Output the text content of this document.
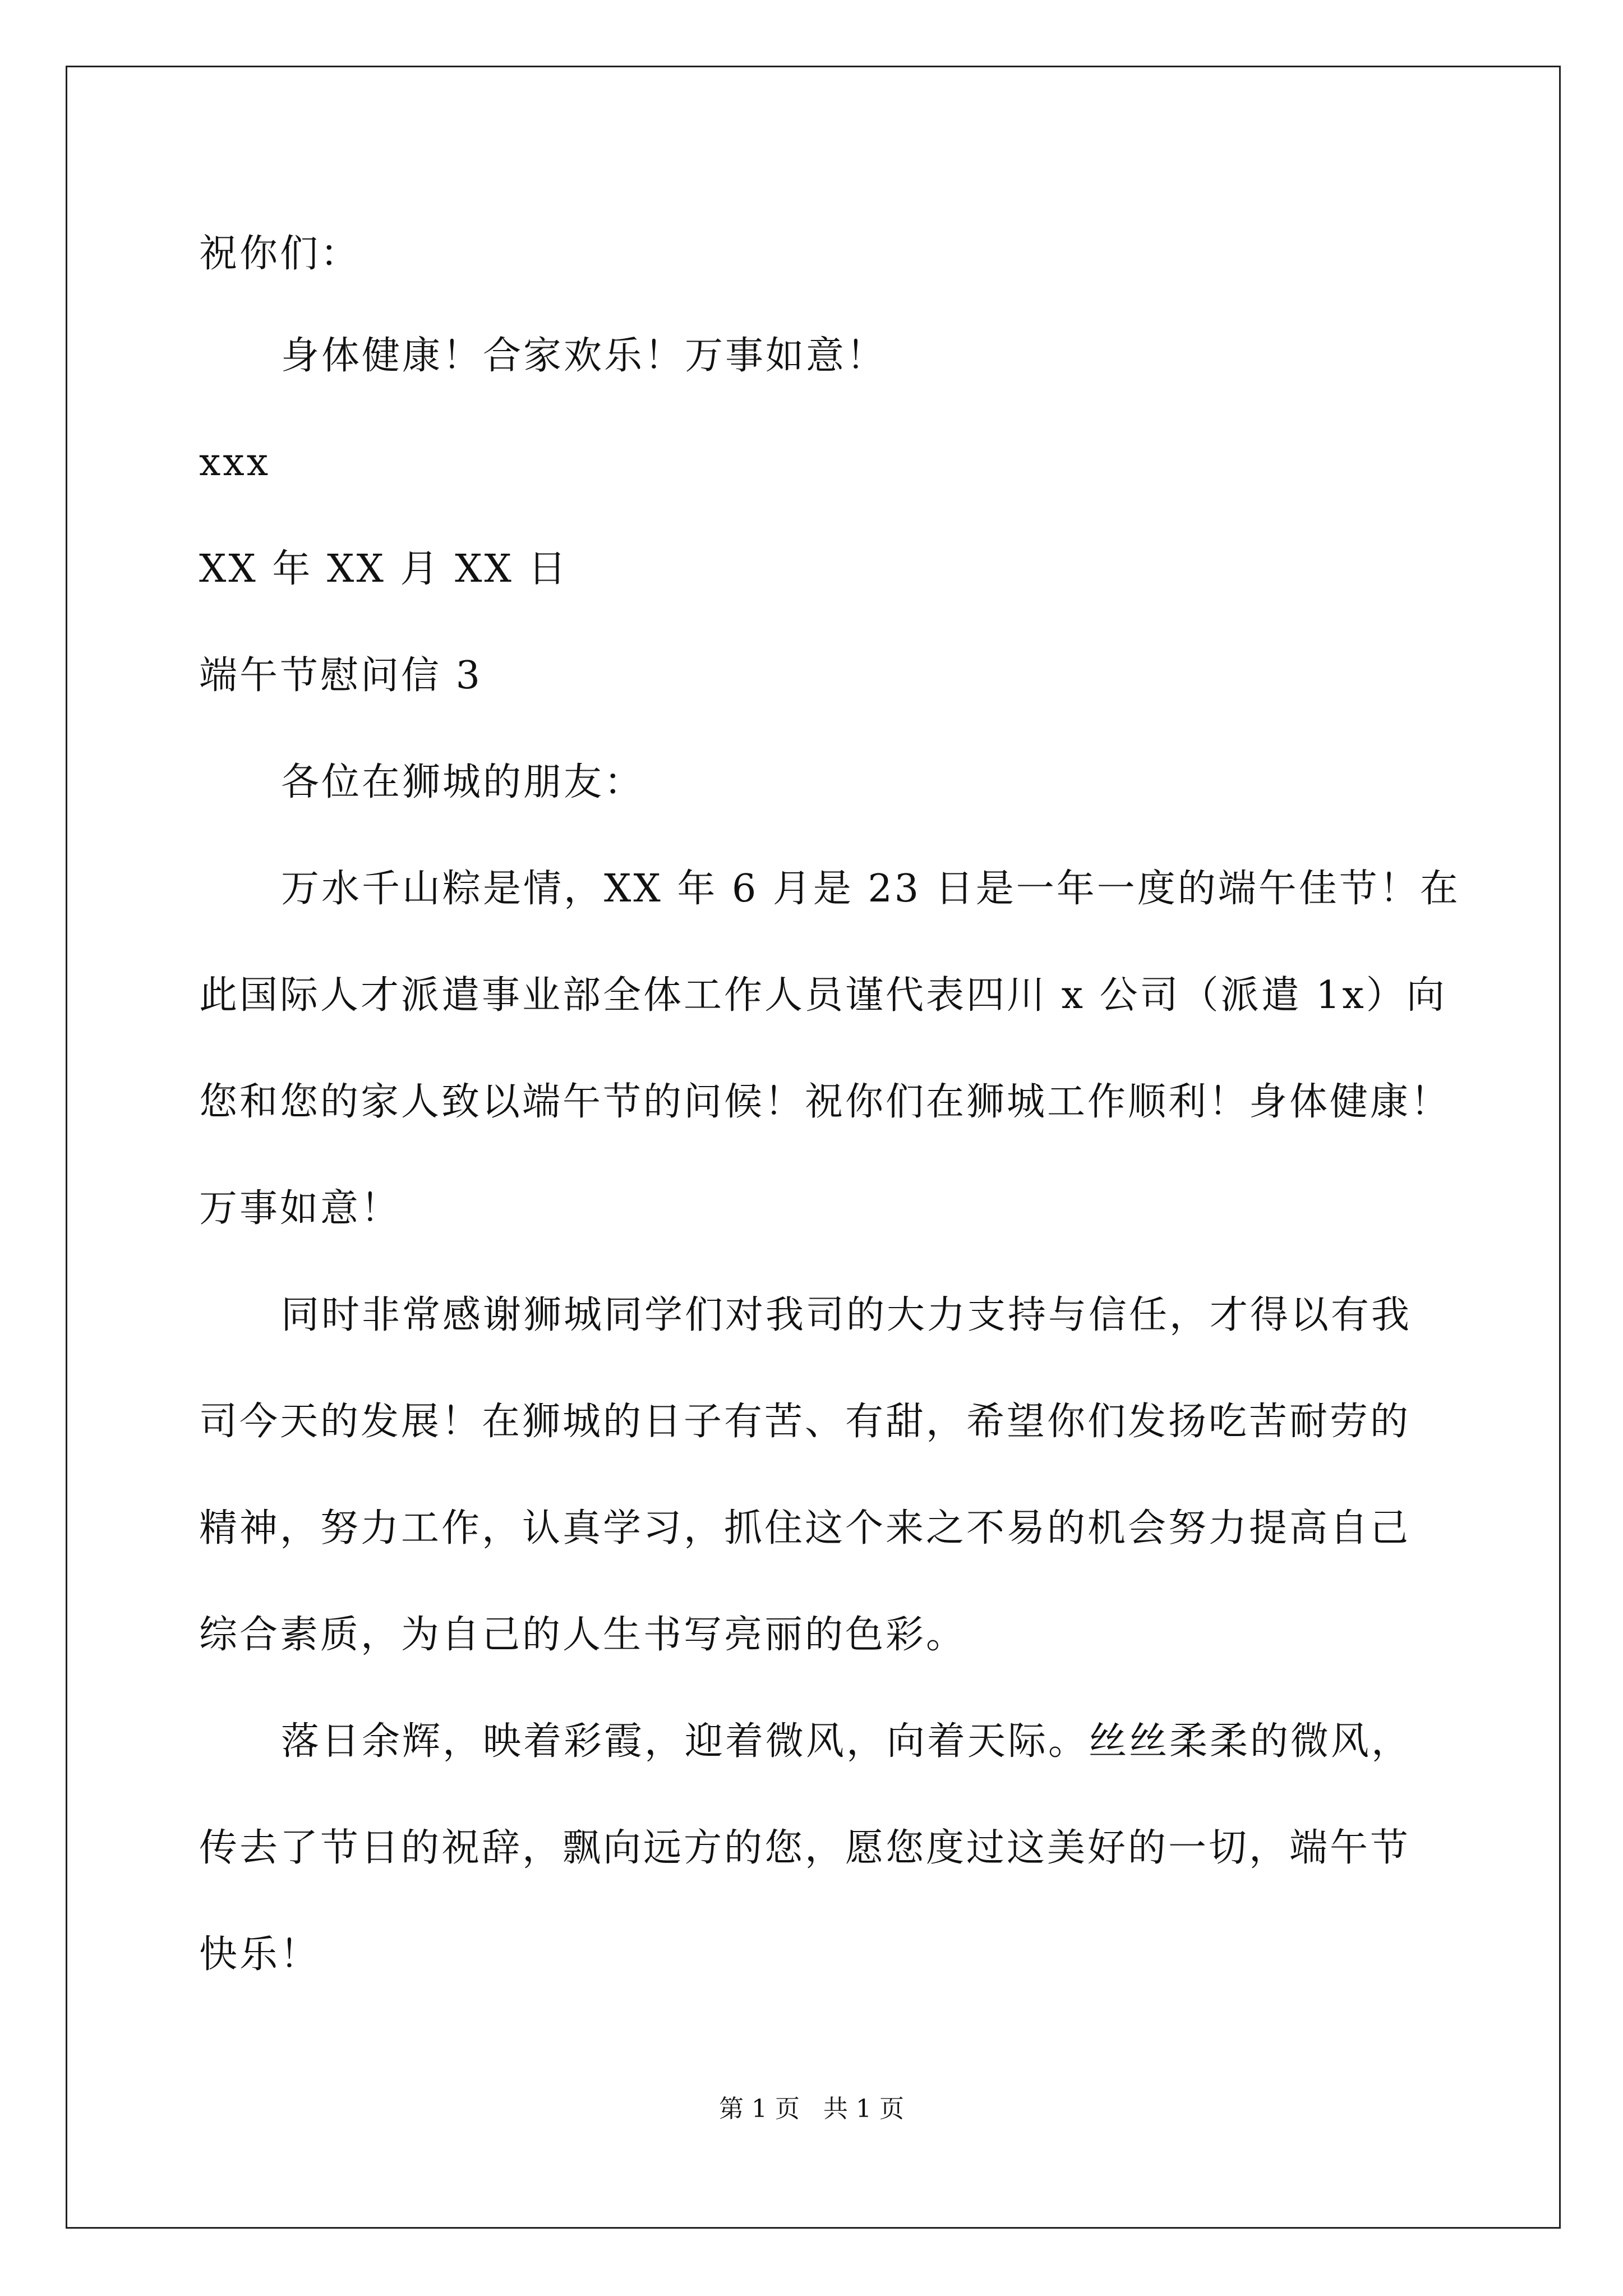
祝你们：
身体健康！合家欢乐！万事如意！
xxx
XX 年 XX 月 XX 日
端午节慰问信 3
各位在狮城的朋友：
万水千山粽是情，XX 年 6 月是 23 日是一年一度的端午佳节！在
此国际人才派遣事业部全体工作人员谨代表四川 x 公司（派遣 1x）向
您和您的家人致以端午节的问候！祝你们在狮城工作顺利！身体健康！
万事如意！
同时非常感谢狮城同学们对我司的大力支持与信任，才得以有我
司今天的发展！在狮城的日子有苦、有甜，希望你们发扬吃苦耐劳的
精神，努力工作，认真学习，抓住这个来之不易的机会努力提高自己
综合素质，为自己的人生书写亮丽的色彩。
落日余辉，映着彩霞，迎着微风，向着天际。丝丝柔柔的微风，
传去了节日的祝辞，飘向远方的您，愿您度过这美好的一切，端午节
快乐！
第 1 页   共 1 页
